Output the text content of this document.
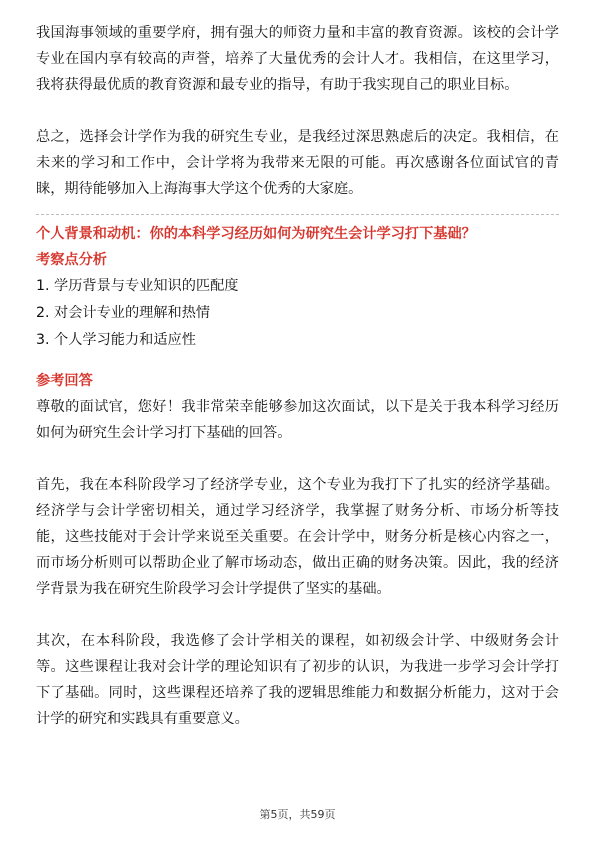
我国海事领域的重要学府，拥有强大的师资力量和丰富的教育资源。该校的会计学专业在国内享有较高的声誉，培养了大量优秀的会计人才。我相信，在这里学习，我将获得最优质的教育资源和最专业的指导，有助于我实现自己的职业目标。

总之，选择会计学作为我的研究生专业，是我经过深思熟虑后的决定。我相信，在未来的学习和工作中，会计学将为我带来无限的可能。再次感谢各位面试官的青睐，期待能够加入上海海事大学这个优秀的大家庭。

个人背景和动机：你的本科学习经历如何为研究生会计学习打下基础？

考察点分析

1. 学历背景与专业知识的匹配度

2. 对会计专业的理解和热情

3. 个人学习能力和适应性

参考回答

尊敬的面试官，您好！我非常荣幸能够参加这次面试，以下是关于我本科学习经历如何为研究生会计学习打下基础的回答。

首先，我在本科阶段学习了经济学专业，这个专业为我打下了扎实的经济学基础。经济学与会计学密切相关，通过学习经济学，我掌握了财务分析、市场分析等技能，这些技能对于会计学来说至关重要。在会计学中，财务分析是核心内容之一，而市场分析则可以帮助企业了解市场动态，做出正确的财务决策。因此，我的经济学背景为我在研究生阶段学习会计学提供了坚实的基础。

其次，在本科阶段，我选修了会计学相关的课程，如初级会计学、中级财务会计等。这些课程让我对会计学的理论知识有了初步的认识，为我进一步学习会计学打下了基础。同时，这些课程还培养了我的逻辑思维能力和数据分析能力，这对于会计学的研究和实践具有重要意义。

第5页，共59页
